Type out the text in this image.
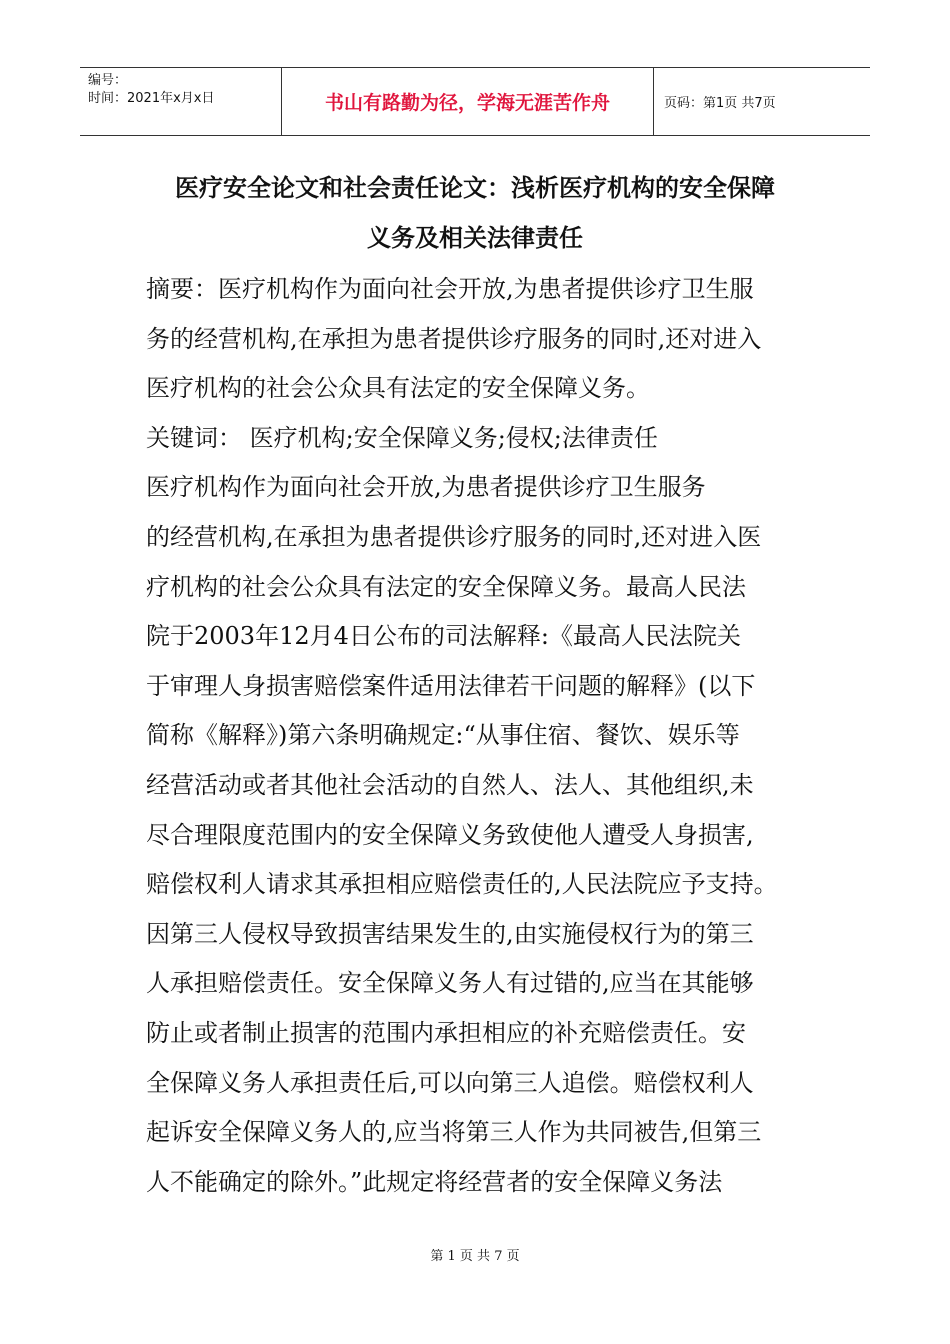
编号：
时间：2021年x月x日	书山有路勤为径，学海无涯苦作舟	页码：第1页 共7页
医疗安全论文和社会责任论文：浅析医疗机构的安全保障
义务及相关法律责任
摘要：医疗机构作为面向社会开放,为患者提供诊疗卫生服
务的经营机构,在承担为患者提供诊疗服务的同时,还对进入
医疗机构的社会公众具有法定的安全保障义务。
关键词： 医疗机构;安全保障义务;侵权;法律责任
医疗机构作为面向社会开放,为患者提供诊疗卫生服务
的经营机构,在承担为患者提供诊疗服务的同时,还对进入医
疗机构的社会公众具有法定的安全保障义务。最高人民法
院于2003年12月4日公布的司法解释:《最高人民法院关
于审理人身损害赔偿案件适用法律若干问题的解释》(以下
简称《解释》)第六条明确规定:“从事住宿、餐饮、娱乐等
经营活动或者其他社会活动的自然人、法人、其他组织,未
尽合理限度范围内的安全保障义务致使他人遭受人身损害,
赔偿权利人请求其承担相应赔偿责任的,人民法院应予支持。
因第三人侵权导致损害结果发生的,由实施侵权行为的第三
人承担赔偿责任。安全保障义务人有过错的,应当在其能够
防止或者制止损害的范围内承担相应的补充赔偿责任。安
全保障义务人承担责任后,可以向第三人追偿。赔偿权利人
起诉安全保障义务人的,应当将第三人作为共同被告,但第三
人不能确定的除外。”此规定将经营者的安全保障义务法
第 1 页 共 7 页
